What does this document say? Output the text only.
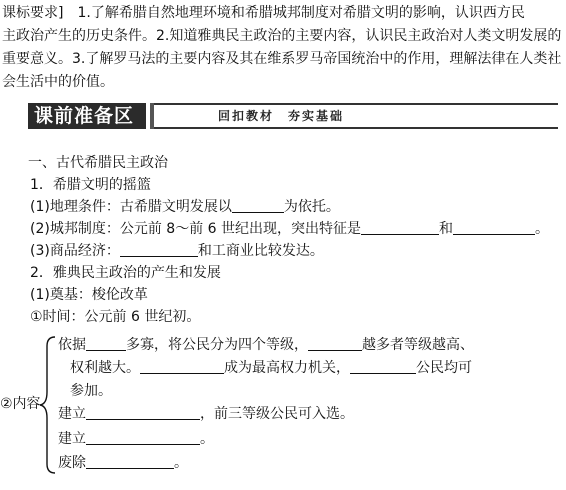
课标要求]　1.了解希腊自然地理环境和希腊城邦制度对希腊文明的影响，认识西方民
主政治产生的历史条件。2.知道雅典民主政治的主要内容，认识民主政治对人类文明发展的
重要意义。3.了解罗马法的主要内容及其在维系罗马帝国统治中的作用，理解法律在人类社
会生活中的价值。
课前准备区	回扣教材　夯实基础
一、古代希腊民主政治
1．希腊文明的摇篮
(1)地理条件：古希腊文明发展以	为依托。
(2)城邦制度：公元前 8～前 6 世纪出现，突出特征是	和	。
(3)商品经济：	和工商业比较发达。
2．雅典民主政治的产生和发展
(1)奠基：梭伦改革
①时间：公元前 6 世纪初。
②内容
依据	多寡，将公民分为四个等级，	越多者等级越高、
权利越大。	成为最高权力机关，	公民均可
参加。
建立	，前三等级公民可入选。
建立	。
废除	。
